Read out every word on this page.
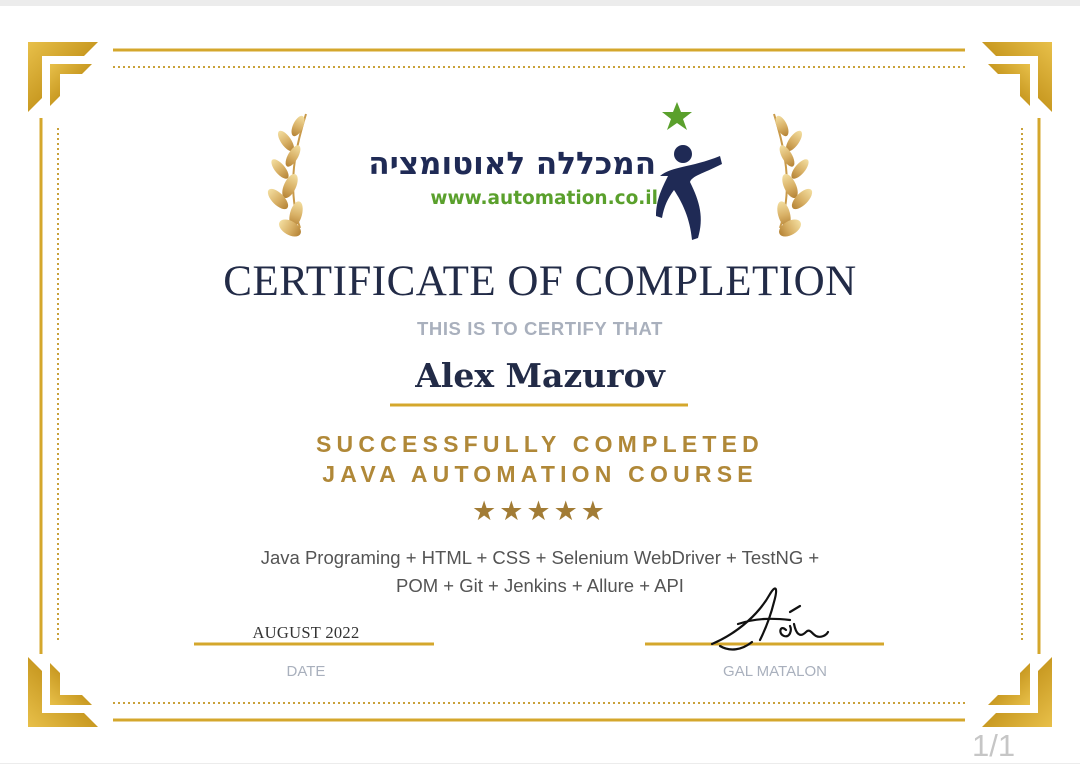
המכללה לאוטומציה
www.automation.co.il
CERTIFICATE OF COMPLETION
THIS IS TO CERTIFY THAT
Alex Mazurov
SUCCESSFULLY COMPLETED
JAVA AUTOMATION COURSE
★★★★★
Java Programing + HTML + CSS + Selenium WebDriver + TestNG +
POM + Git + Jenkins + Allure + API
AUGUST 2022
DATE	GAL MATALON
1/1
